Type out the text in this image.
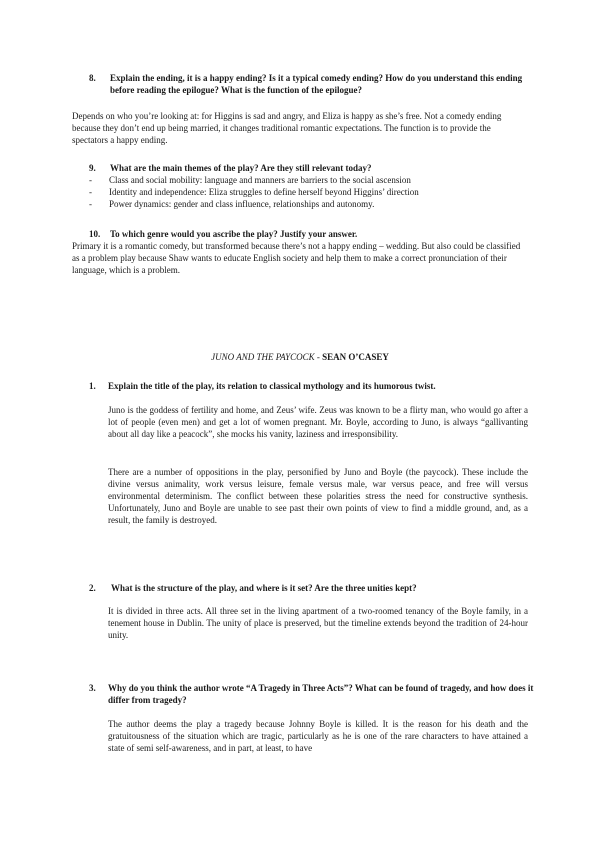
8. Explain the ending, it is a happy ending? Is it a typical comedy ending? How do you understand this ending before reading the epilogue? What is the function of the epilogue?
Depends on who you’re looking at: for Higgins is sad and angry, and Eliza is happy as she’s free. Not a comedy ending because they don’t end up being married, it changes traditional romantic expectations. The function is to provide the spectators a happy ending.
9. What are the main themes of the play? Are they still relevant today?
- Class and social mobility: language and manners are barriers to the social ascension
- Identity and independence: Eliza struggles to define herself beyond Higgins’ direction
- Power dynamics: gender and class influence, relationships and autonomy.
10. To which genre would you ascribe the play? Justify your answer.
Primary it is a romantic comedy, but transformed because there’s not a happy ending – wedding. But also could be classified as a problem play because Shaw wants to educate English society and help them to make a correct pronunciation of their language, which is a problem.
JUNO AND THE PAYCOCK - SEAN O’CASEY
1. Explain the title of the play, its relation to classical mythology and its humorous twist.
Juno is the goddess of fertility and home, and Zeus’ wife. Zeus was known to be a flirty man, who would go after a lot of people (even men) and get a lot of women pregnant. Mr. Boyle, according to Juno, is always “gallivanting about all day like a peacock”, she mocks his vanity, laziness and irresponsibility.
There are a number of oppositions in the play, personified by Juno and Boyle (the paycock). These include the divine versus animality, work versus leisure, female versus male, war versus peace, and free will versus environmental determinism. The conflict between these polarities stress the need for constructive synthesis. Unfortunately, Juno and Boyle are unable to see past their own points of view to find a middle ground, and, as a result, the family is destroyed.
2. What is the structure of the play, and where is it set? Are the three unities kept?
It is divided in three acts. All three set in the living apartment of a two-roomed tenancy of the Boyle family, in a tenement house in Dublin. The unity of place is preserved, but the timeline extends beyond the tradition of 24-hour unity.
3. Why do you think the author wrote “A Tragedy in Three Acts”? What can be found of tragedy, and how does it differ from tragedy?
The author deems the play a tragedy because Johnny Boyle is killed. It is the reason for his death and the gratuitousness of the situation which are tragic, particularly as he is one of the rare characters to have attained a state of semi self-awareness, and in part, at least, to have
